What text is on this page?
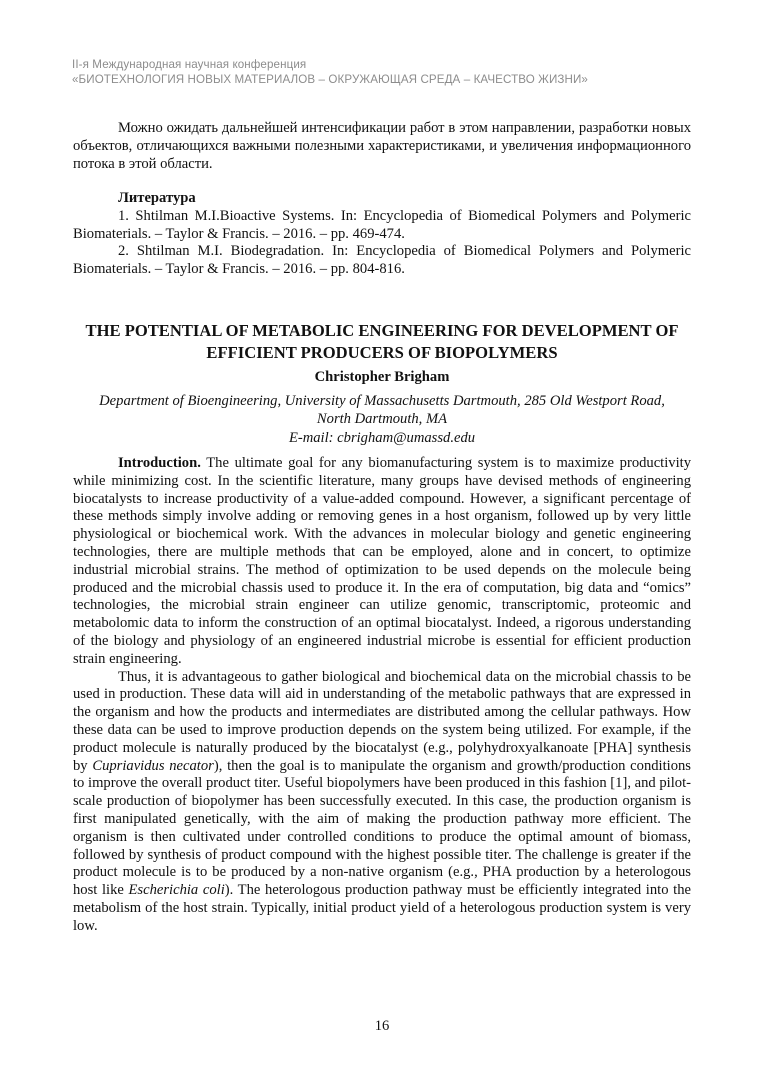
II-я Международная научная конференция
«БИОТЕХНОЛОГИЯ НОВЫХ МАТЕРИАЛОВ – ОКРУЖАЮЩАЯ СРЕДА – КАЧЕСТВО ЖИЗНИ»

Можно ожидать дальнейшей интенсификации работ в этом направлении, разработки новых объектов, отличающихся важными полезными характеристиками, и увеличения информационного потока в этой области.

Литература

1. Shtilman M.I.Bioactive Systems. In: Encyclopedia of Biomedical Polymers and Polymeric Biomaterials. – Taylor & Francis. – 2016. – pp. 469-474.

2. Shtilman M.I. Biodegradation. In: Encyclopedia of Biomedical Polymers and Polymeric Biomaterials. – Taylor & Francis. – 2016. – pp. 804-816.

THE POTENTIAL OF METABOLIC ENGINEERING FOR DEVELOPMENT OF EFFICIENT PRODUCERS OF BIOPOLYMERS
Christopher Brigham
Department of Bioengineering, University of Massachusetts Dartmouth, 285 Old Westport Road, North Dartmouth, MA
E-mail: cbrigham@umassd.edu

Introduction. The ultimate goal for any biomanufacturing system is to maximize productivity while minimizing cost. In the scientific literature, many groups have devised methods of engineering biocatalysts to increase productivity of a value-added compound. However, a significant percentage of these methods simply involve adding or removing genes in a host organism, followed up by very little physiological or biochemical work. With the advances in molecular biology and genetic engineering technologies, there are multiple methods that can be employed, alone and in concert, to optimize industrial microbial strains. The method of optimization to be used depends on the molecule being produced and the microbial chassis used to produce it. In the era of computation, big data and “omics” technologies, the microbial strain engineer can utilize genomic, transcriptomic, proteomic and metabolomic data to inform the construction of an optimal biocatalyst. Indeed, a rigorous understanding of the biology and physiology of an engineered industrial microbe is essential for efficient production strain engineering.

Thus, it is advantageous to gather biological and biochemical data on the microbial chassis to be used in production. These data will aid in understanding of the metabolic pathways that are expressed in the organism and how the products and intermediates are distributed among the cellular pathways. How these data can be used to improve production depends on the system being utilized. For example, if the product molecule is naturally produced by the biocatalyst (e.g., polyhydroxyalkanoate [PHA] synthesis by Cupriavidus necator), then the goal is to manipulate the organism and growth/production conditions to improve the overall product titer. Useful biopolymers have been produced in this fashion [1], and pilot-scale production of biopolymer has been successfully executed. In this case, the production organism is first manipulated genetically, with the aim of making the production pathway more efficient. The organism is then cultivated under controlled conditions to produce the optimal amount of biomass, followed by synthesis of product compound with the highest possible titer. The challenge is greater if the product molecule is to be produced by a non-native organism (e.g., PHA production by a heterologous host like Escherichia coli). The heterologous production pathway must be efficiently integrated into the metabolism of the host strain. Typically, initial product yield of a heterologous production system is very low.

16
